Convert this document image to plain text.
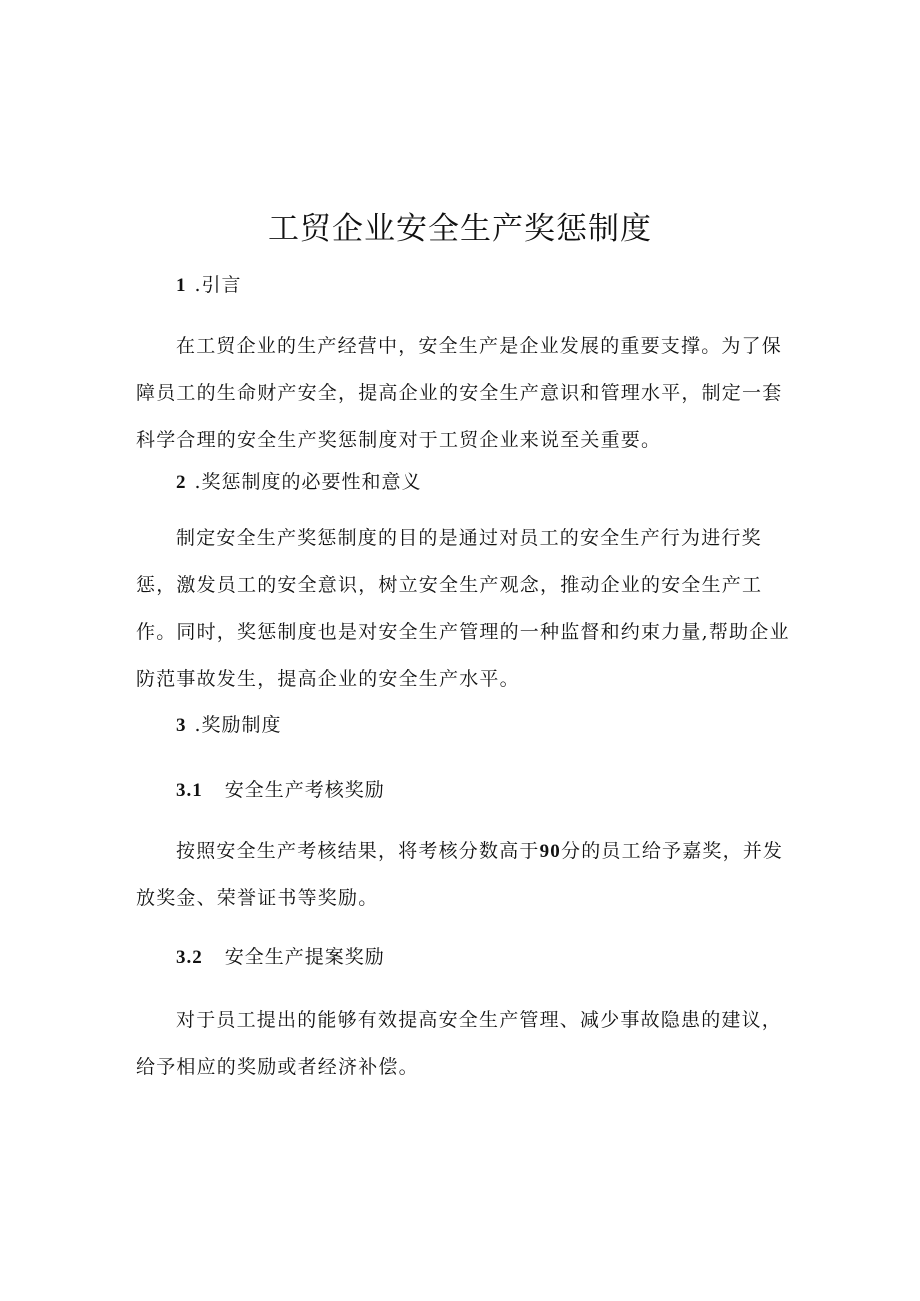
工贸企业安全生产奖惩制度
1 .引言
在工贸企业的生产经营中，安全生产是企业发展的重要支撑。为了保
障员工的生命财产安全，提高企业的安全生产意识和管理水平，制定一套
科学合理的安全生产奖惩制度对于工贸企业来说至关重要。
2 .奖惩制度的必要性和意义
制定安全生产奖惩制度的目的是通过对员工的安全生产行为进行奖
惩，激发员工的安全意识，树立安全生产观念，推动企业的安全生产工
作。同时，奖惩制度也是对安全生产管理的一种监督和约束力量,帮助企业
防范事故发生，提高企业的安全生产水平。
3 .奖励制度
3.1 安全生产考核奖励
按照安全生产考核结果，将考核分数高于90分的员工给予嘉奖，并发
放奖金、荣誉证书等奖励。
3.2 安全生产提案奖励
对于员工提出的能够有效提高安全生产管理、减少事故隐患的建议，
给予相应的奖励或者经济补偿。
